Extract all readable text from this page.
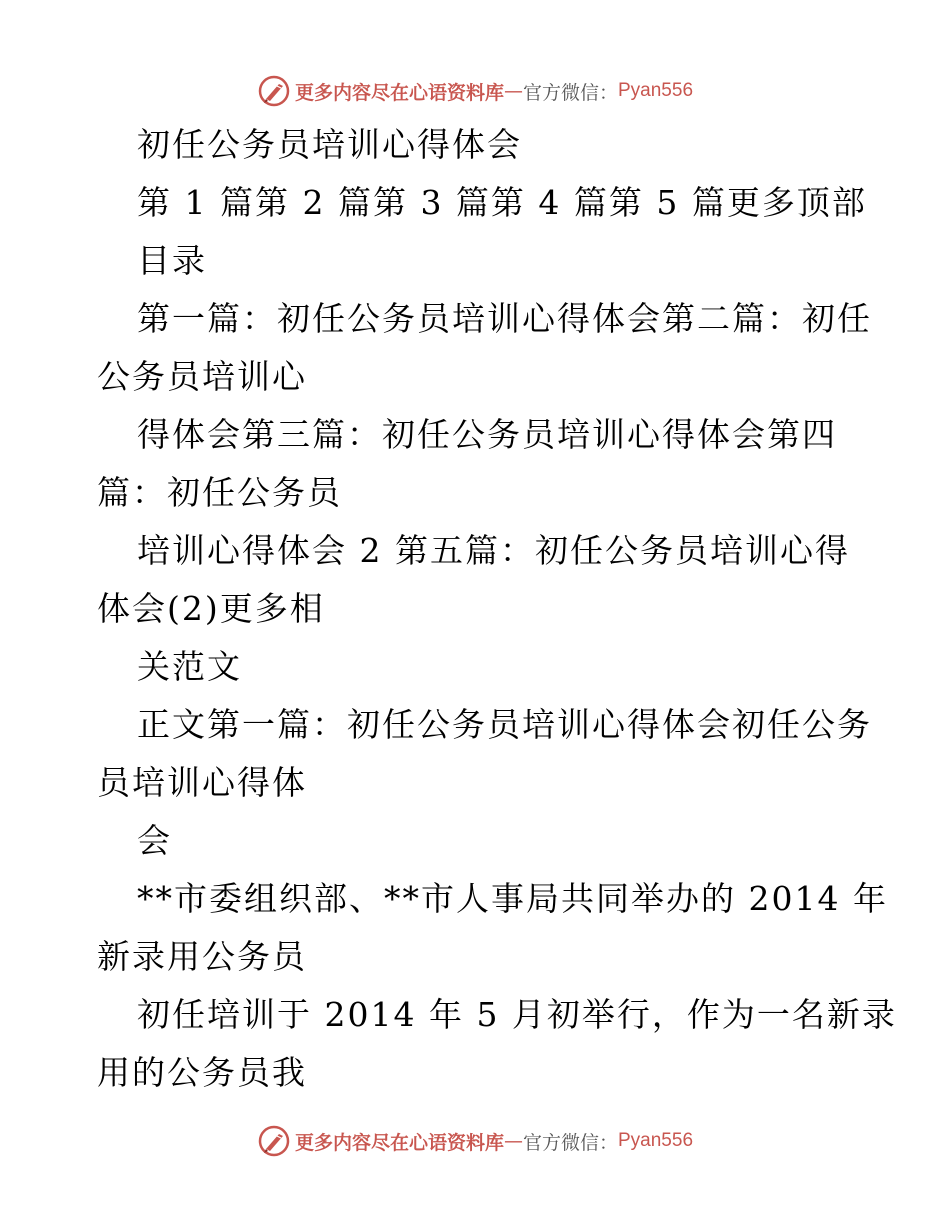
更多内容尽在心语资料库 — 官方微信： Pyan556
初任公务员培训心得体会
第 1 篇第 2 篇第 3 篇第 4 篇第 5 篇更多顶部
目录
第一篇：初任公务员培训心得体会第二篇：初任
公务员培训心
得体会第三篇：初任公务员培训心得体会第四
篇：初任公务员
培训心得体会 2 第五篇：初任公务员培训心得
体会(2)更多相
关范文
正文第一篇：初任公务员培训心得体会初任公务
员培训心得体
会
**市委组织部、**市人事局共同举办的 2014 年
新录用公务员
初任培训于 2014 年 5 月初举行，作为一名新录
用的公务员我
更多内容尽在心语资料库 — 官方微信： Pyan556
